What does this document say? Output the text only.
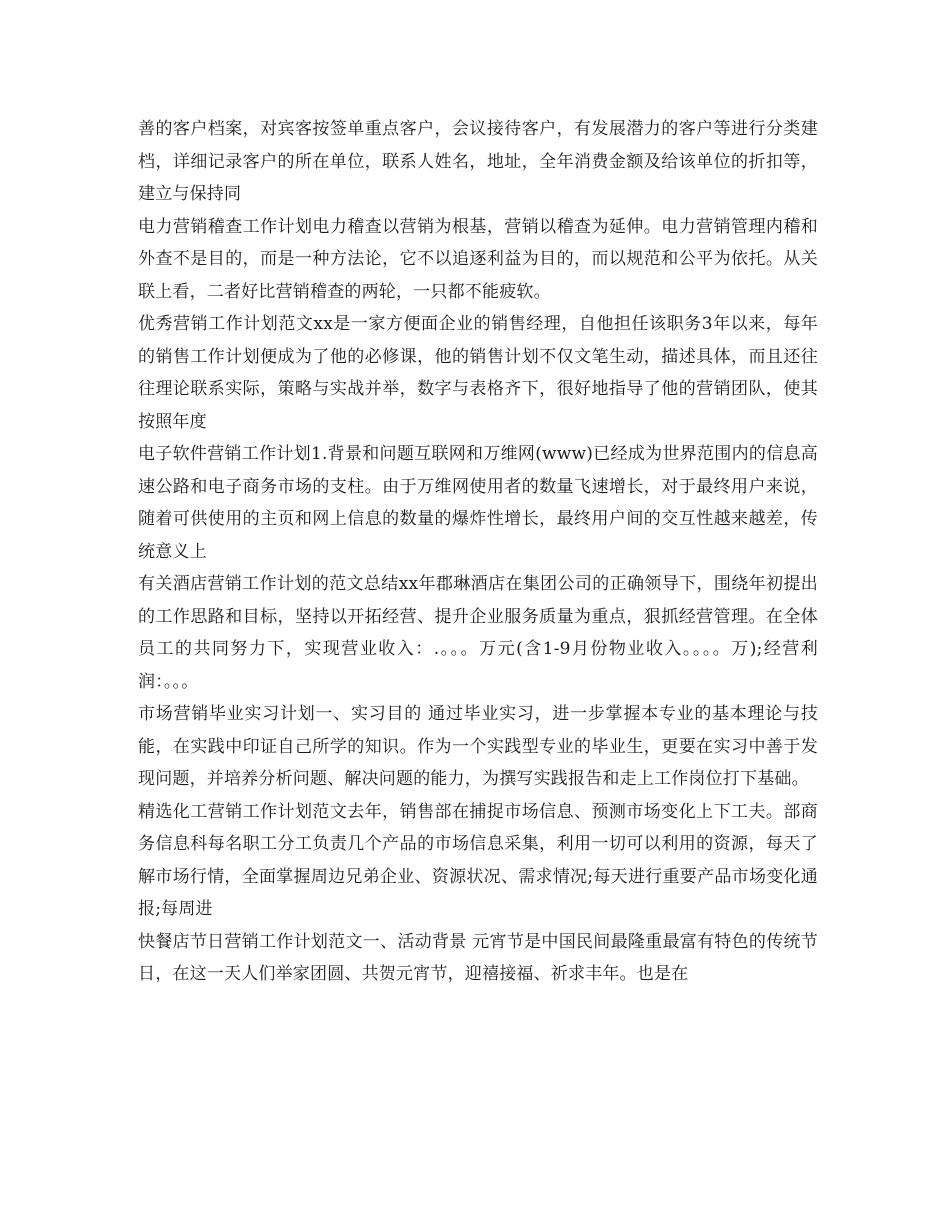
善的客户档案，对宾客按签单重点客户，会议接待客户，有发展潜力的客户等进行分类建档，详细记录客户的所在单位，联系人姓名，地址，全年消费金额及给该单位的折扣等，建立与保持同

电力营销稽查工作计划电力稽查以营销为根基，营销以稽查为延伸。电力营销管理内稽和外查不是目的，而是一种方法论，它不以追逐利益为目的，而以规范和公平为依托。从关联上看，二者好比营销稽查的两轮，一只都不能疲软。

优秀营销工作计划范文xx是一家方便面企业的销售经理，自他担任该职务3年以来，每年的销售工作计划便成为了他的必修课，他的销售计划不仅文笔生动，描述具体，而且还往往理论联系实际，策略与实战并举，数字与表格齐下，很好地指导了他的营销团队，使其按照年度

电子软件营销工作计划1.背景和问题互联网和万维网(www)已经成为世界范围内的信息高速公路和电子商务市场的支柱。由于万维网使用者的数量飞速增长，对于最终用户来说，随着可供使用的主页和网上信息的数量的爆炸性增长，最终用户间的交互性越来越差，传统意义上

有关酒店营销工作计划的范文总结xx年郡琳酒店在集团公司的正确领导下，围绕年初提出的工作思路和目标，坚持以开拓经营、提升企业服务质量为重点，狠抓经营管理。在全体员工的共同努力下，实现营业收入：.。。。万元(含1-9月份物业收入。。。。万);经营利润：。。。

市场营销毕业实习计划一、实习目的 通过毕业实习，进一步掌握本专业的基本理论与技能，在实践中印证自己所学的知识。作为一个实践型专业的毕业生，更要在实习中善于发现问题，并培养分析问题、解决问题的能力，为撰写实践报告和走上工作岗位打下基础。

精选化工营销工作计划范文去年，销售部在捕捉市场信息、预测市场变化上下工夫。部商务信息科每名职工分工负责几个产品的市场信息采集，利用一切可以利用的资源，每天了解市场行情，全面掌握周边兄弟企业、资源状况、需求情况;每天进行重要产品市场变化通报;每周进

快餐店节日营销工作计划范文一、活动背景 元宵节是中国民间最隆重最富有特色的传统节日，在这一天人们举家团圆、共贺元宵节，迎禧接福、祈求丰年。也是在
